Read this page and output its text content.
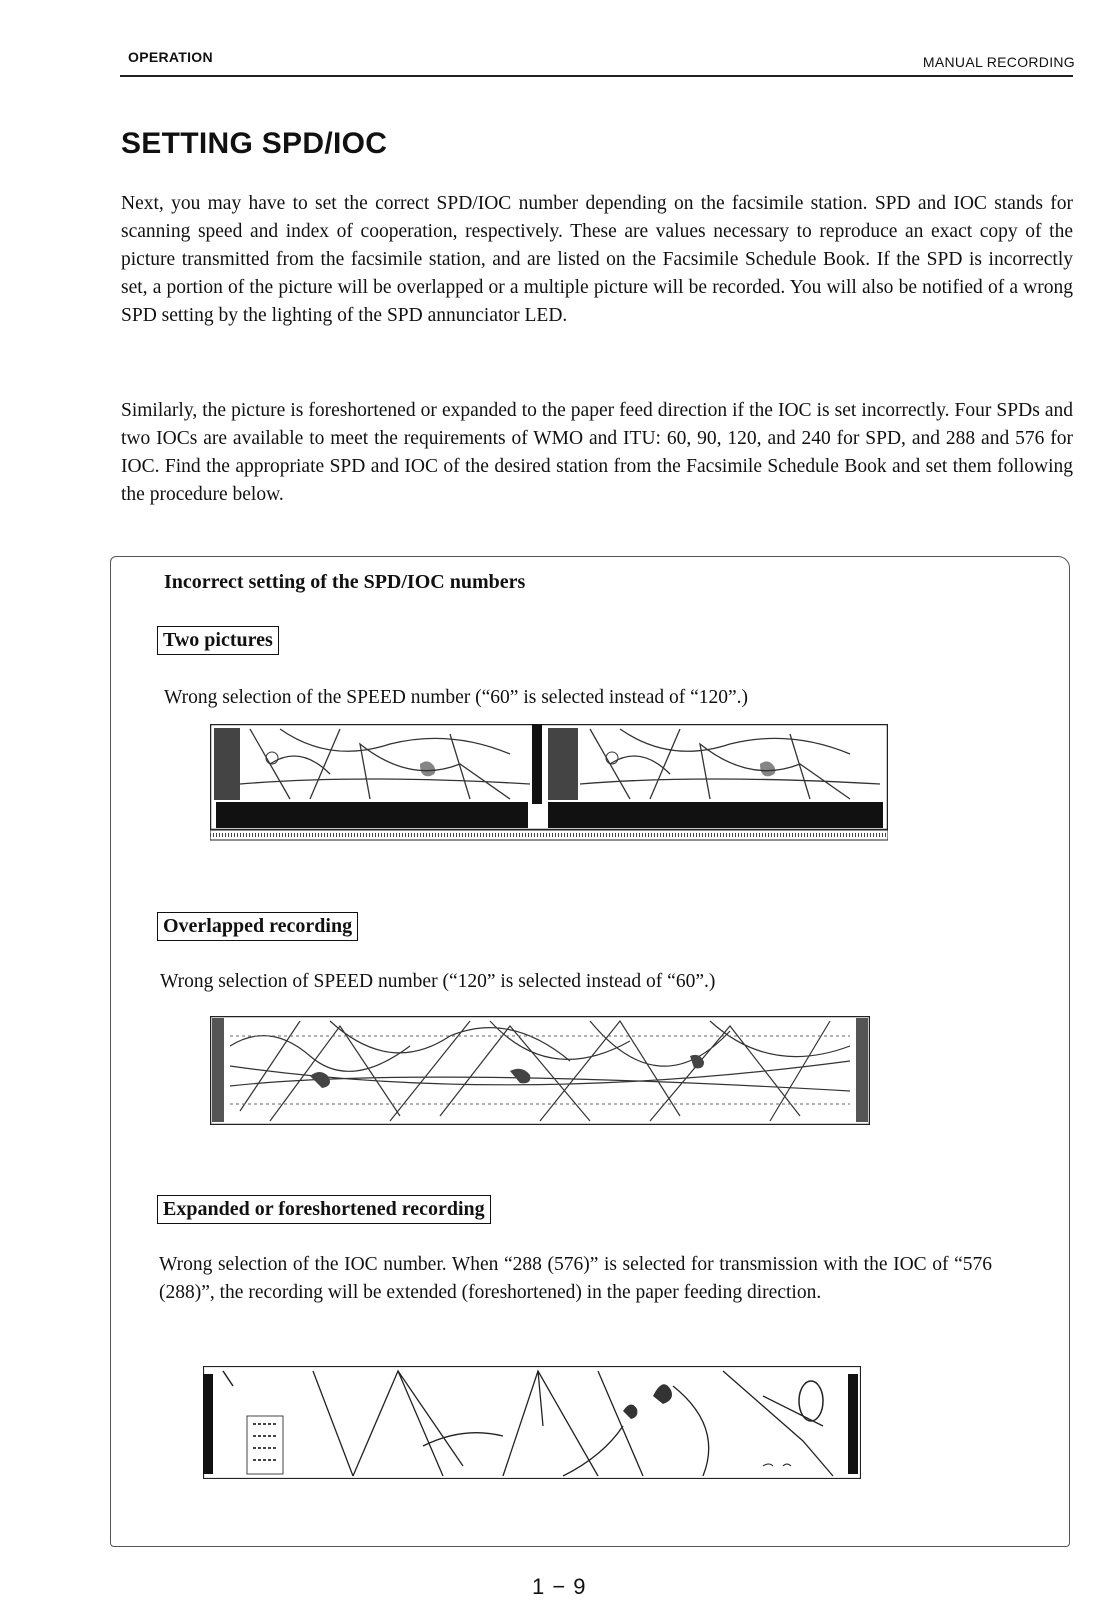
OPERATION	MANUAL RECORDING
SETTING SPD/IOC

Next, you may have to set the correct SPD/IOC number depending on the facsimile station. SPD and IOC stands for scanning speed and index of cooperation, respectively. These are values necessary to reproduce an exact copy of the picture transmitted from the facsimile station, and are listed on the Facsimile Schedule Book. If the SPD is incorrectly set, a portion of the picture will be overlapped or a multiple picture will be recorded. You will also be notified of a wrong SPD setting by the lighting of the SPD annunciator LED.

Similarly, the picture is foreshortened or expanded to the paper feed direction if the IOC is set incorrectly. Four SPDs and two IOCs are available to meet the requirements of WMO and ITU: 60, 90, 120, and 240 for SPD, and 288 and 576 for IOC. Find the appropriate SPD and IOC of the desired station from the Facsimile Schedule Book and set them following the procedure below.

Incorrect setting of the SPD/IOC numbers
Two pictures

Wrong selection of the SPEED number (“60” is selected instead of “120”.)

Overlapped recording

Wrong selection of SPEED number (“120” is selected instead of “60”.)

Expanded or foreshortened recording

Wrong selection of the IOC number. When “288 (576)” is selected for transmission with the IOC of “576 (288)”, the recording will be extended (foreshortened) in the paper feeding direction.

1 − 9
